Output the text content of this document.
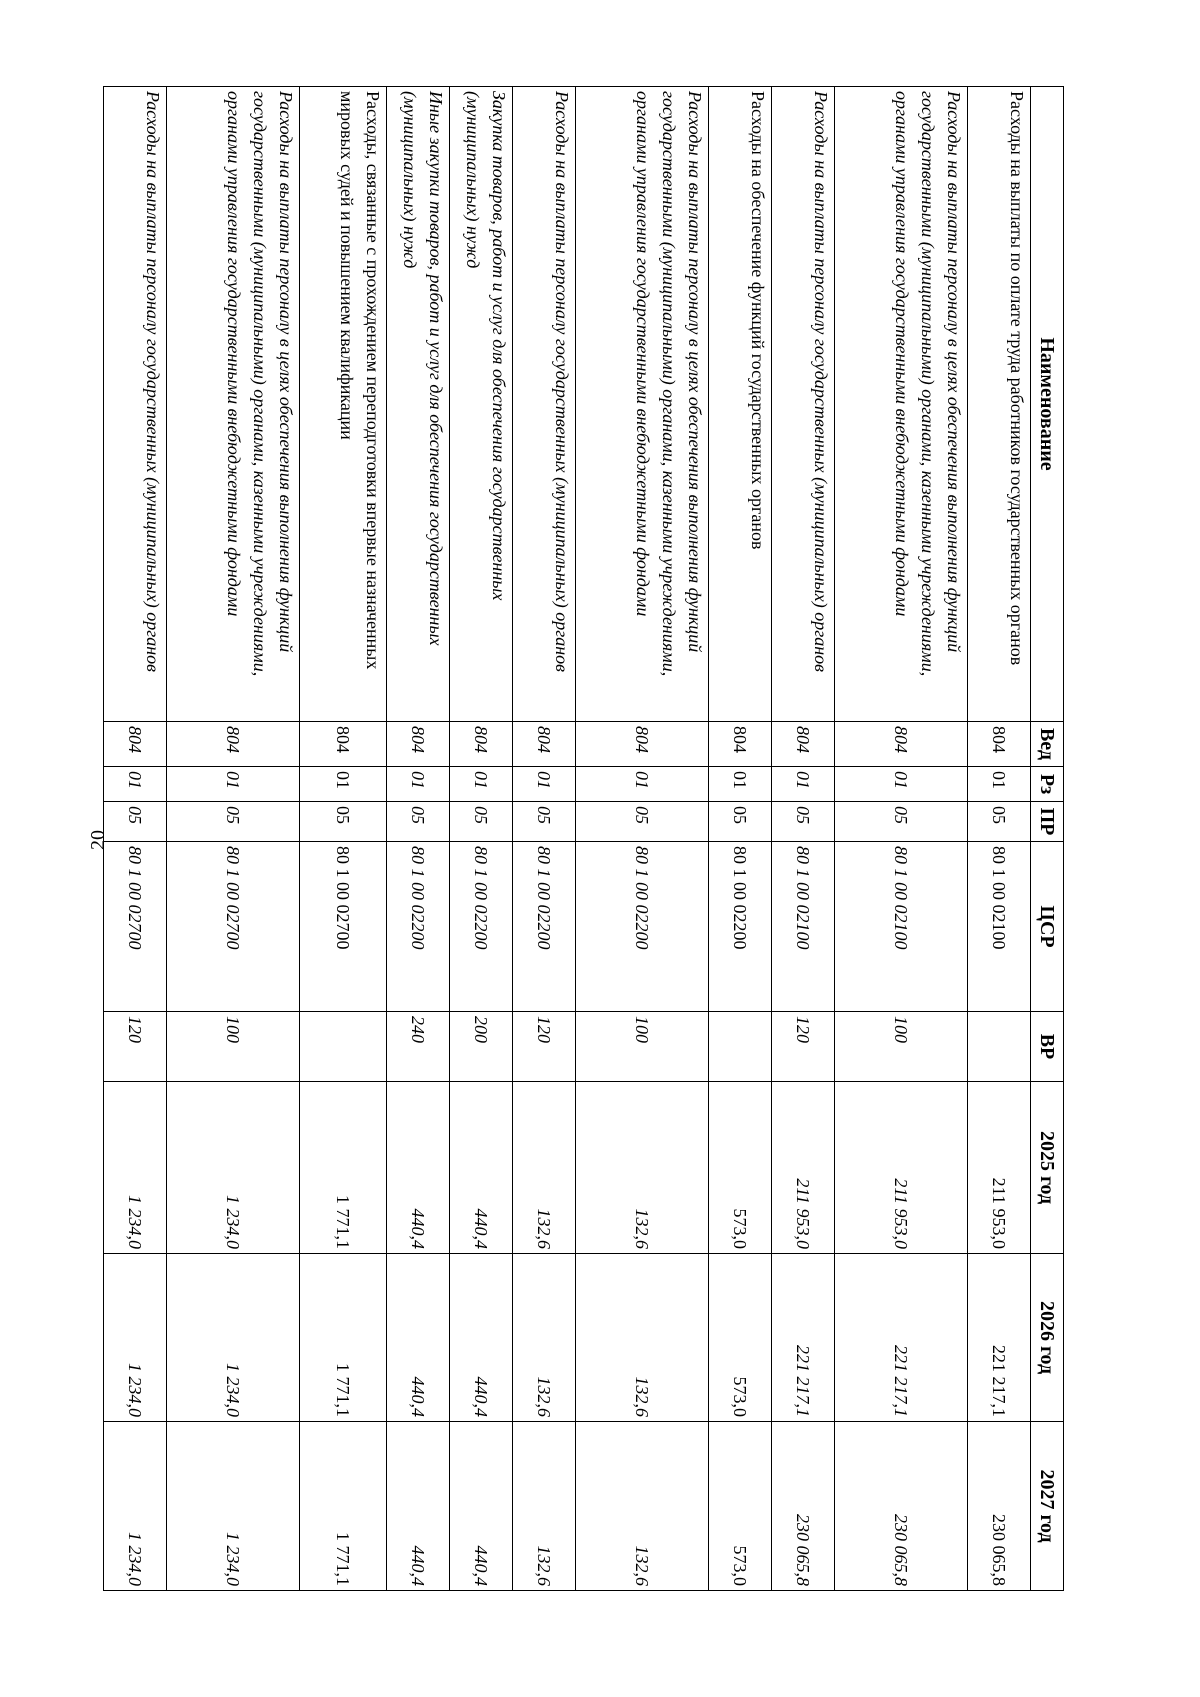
20
Наименование	Вед	Рз	ПР	ЦСР	ВР	2025 год	2026 год	2027 год
Расходы на выплаты по оплате труда работников государственных органов	804	01	05	80 1 00 02100		211 953,0	221 217,1	230 065,8
Расходы на выплаты персоналу в целях обеспечения выполнения функций государственными (муниципальными) органами, казенными учреждениями, органами управления государственными внебюджетными фондами	804	01	05	80 1 00 02100	100	211 953,0	221 217,1	230 065,8
Расходы на выплаты персоналу государственных (муниципальных) органов	804	01	05	80 1 00 02100	120	211 953,0	221 217,1	230 065,8
Расходы на обеспечение функций государственных органов	804	01	05	80 1 00 02200		573,0	573,0	573,0
Расходы на выплаты персоналу в целях обеспечения выполнения функций государственными (муниципальными) органами, казенными учреждениями, органами управления государственными внебюджетными фондами	804	01	05	80 1 00 02200	100	132,6	132,6	132,6
Расходы на выплаты персоналу государственных (муниципальных) органов	804	01	05	80 1 00 02200	120	132,6	132,6	132,6
Закупка товаров, работ и услуг для обеспечения государственных (муниципальных) нужд	804	01	05	80 1 00 02200	200	440,4	440,4	440,4
Иные закупки товаров, работ и услуг для обеспечения государственных (муниципальных) нужд	804	01	05	80 1 00 02200	240	440,4	440,4	440,4
Расходы, связанные с прохождением переподготовки впервые назначенных мировых судей и повышением квалификации	804	01	05	80 1 00 02700		1 771,1	1 771,1	1 771,1
Расходы на выплаты персоналу в целях обеспечения выполнения функций государственными (муниципальными) органами, казенными учреждениями, органами управления государственными внебюджетными фондами	804	01	05	80 1 00 02700	100	1 234,0	1 234,0	1 234,0
Расходы на выплаты персоналу государственных (муниципальных) органов	804	01	05	80 1 00 02700	120	1 234,0	1 234,0	1 234,0
